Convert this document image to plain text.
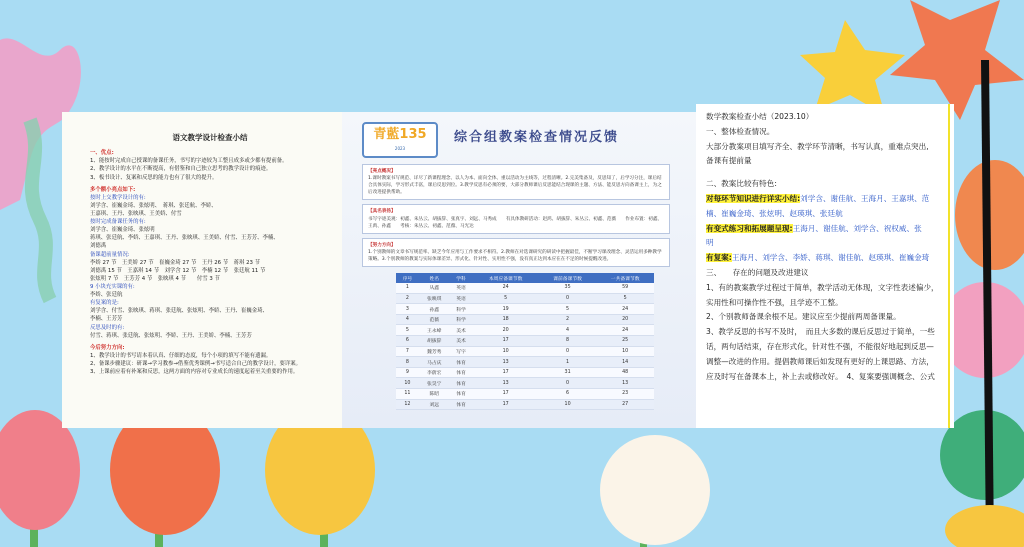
语文教学设计检查小结

一、优点:

1、能按时完成自己授课的备课任务，书写的字迹较为工整且成多或少都有提前备。

2、教学设计的水平在不断提高，有借鉴和自己独立思考的教学设计的痕迹。

3、板书设计、复案和反思的能力也有了很大的提升。

多个额小亮点如下:

按时上交教学设计的有:

刘学含、崔巍金琦、张炫明、　蒋琪、张廷航、李娇、

王嘉琪、王丹、张映琪、王美娇、付雪

按时完成备课任务的有:

刘学含、崔巍金琦、张炫明

蒋琪、张廷航、李娇、王嘉琪、王丹、张映琪、王美娇、付雪、王芳芳、李楠、

刘德禹

备课超前量情况:

李娇 27 节　王美娇 27 节　崔巍金琦 27 节　王丹 26 节　蒋琪 23 节

刘德禹 15 节　王嘉琪 14 节　刘学含 12 节　李楠 12 节　张廷航 11 节

张炫明 7 节　王芳芳 4 节　张映琪 4 节　　付雪 3 节

9 小块充实课的有:

李娇、张廷航

有复案的是:

刘学含、付雪、张映琪、蒋琪、张廷航、张炫明、李娇、王丹、崔巍金琦、

李楠、王芳芳

反思及时的有:

付雪、蒋琪、张廷航、张炫明、李娇、王丹、王美娇、李楠、王芳芳

今后努力方向:

1、教学设计的书写请本着认真、仔细的态度，每个小项的填写不能有遗漏。

2、备课步骤建议：研课→学习教参→借鉴优秀课例→书写适合自己的教学设计，要详案。

3、上课前应着有补案和反思，这两方面的内容对专业成长的速度起着至关重要的作用。

青藍135
2023
综合组教案检查情况反馈
【亮点概况】
1.课时教案书写规范、详尽了新课程理念、以人为本、面向全体、重以活动为主线等，过程清晰。2.完美集备及，反思知了，后学习分注，课后结合具体实际，学习形式丰富，课后反思到位。3.教学反思有必须的要，大部分教师课后反思能结合现课的主题、方法、能反思方向备课主上，为之后改进提供帮助。
【具名表扬】
书写字迹美观：初鑫、朱丛云、胡拔辞、张真宇、刘远、马秀成　　有具体教研活动：赵鸿、胡拔辞、朱丛云、初鑫、范薇　　作业布置：初鑫、王禹、孙鑫　　考核：朱丛云、初鑫、范薇、马光达
【努力方向】
1.个别教师的文章书写规范率、缺乏今年应用与工作要求不相符。2.教师在对选课研究的研读中把握最佳，不断学习课改理念、灵活运用多种教学策略。3.个别教师的教案与实际体课差异、形式化、针对性、实用性不强，没有真正达到本应在在不足的时候提醒改进。
序号	姓名	学科	本周应备课节数	课前备课节数	一共备课节数
1	从鑫	英语	24	35	59
2	张映琪	英语	5	0	5
3	孙鑫	科学	19	5	24
4	范薇	科学	18	2	20
5	王永峰	美术	20	4	24
6	胡拔辞	美术	17	8	25
7	魏芳秀	写字	10	0	10
8	马占庆	体育	13	1	14
9	李蔚宏	体育	17	31	48
10	张昊宁	体育	13	0	13
11	陈昭	体育	17	6	23
12	刘远	体育	17	10	27

数学教案检查小结（2023.10）

一、整体检查情况。

大部分教案项目填写齐全、教学环节清晰，书写认真，重难点突出,

备课有提前量

二、教案比较有特色:

对每环节知识进行详实小结:刘学含、谢佳航、王海月、王嘉琪、范

楠、崔巍金琦、张炫明、赵瑛琪、张廷航

有变式练习和拓展题呈现:王海月、谢佳航、刘学含、祝权威、张

明

有复案:王海月、刘学含、李娇、蒋琪、谢佳航、赵瑛琪、崔巍金琦

三、　　存在的问题及改进建议

1、有的教案教学过程过于简单，教学活动无体现，文字性表述偏少，

实用性和可操作性不强，且学迹不工整。

2、个别教师备课余根不足。建议应至少提前两周备课量。

3、教学反思的书写不及时，　而且大多数的课后反思过于简单，一些

话，两句话结束，存在形式化，针对性不强，不能很好地起到反思—

调整—改进的作用。提倡教师课后如发现有更好的上课思路、方法，

应及时写在备课本上，补上去或修改好。　4、复案要强调概念、公式
